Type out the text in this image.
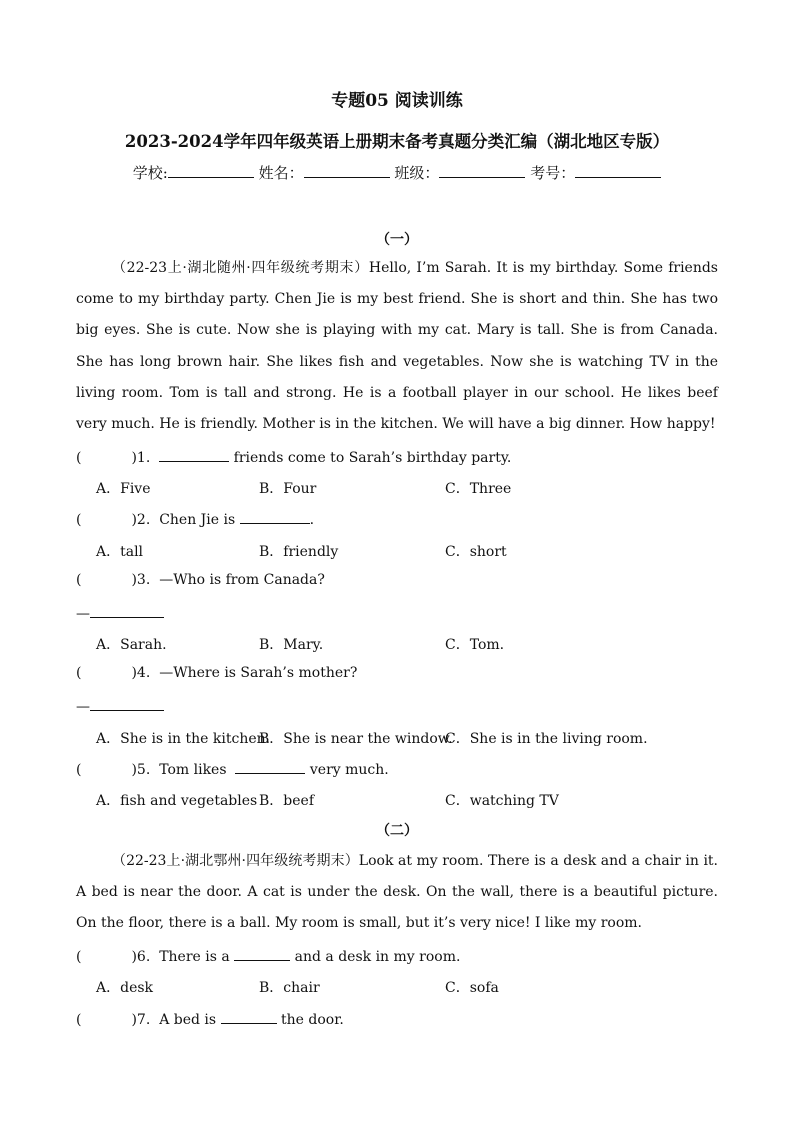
专题05 阅读训练
2023-2024学年四年级英语上册期末备考真题分类汇编（湖北地区专版）
学校:	姓名：	班级：	考号：
（一）
（22-23上·湖北随州·四年级统考期末）Hello, I’m Sarah. It is my birthday. Some friends come to my birthday party. Chen Jie is my best friend. She is short and thin. She has two big eyes. She is cute. Now she is playing with my cat. Mary is tall. She is from Canada. She has long brown hair. She likes fish and vegetables. Now she is watching TV in the living room. Tom is tall and strong. He is a football player in our school. He likes beef very much. He is friendly. Mother is in the kitchen. We will have a big dinner. How happy!
(	)1.	friends come to Sarah’s birthday party.
A．Five	B．Four	C．Three
(	)2. Chen Jie is	.
A．tall	B．friendly	C．short
(	)3. —Who is from Canada?
—
A．Sarah.	B．Mary.	C．Tom.
(	)4. —Where is Sarah’s mother?
—
A．She is in the kitchen.
B．She is near the window.
C．She is in the living room.
(	)5. Tom likes	very much.
A．fish and vegetables B．beef	C．watching TV
（二）
（22-23上·湖北鄂州·四年级统考期末）Look at my room. There is a desk and a chair in it. A bed is near the door. A cat is under the desk. On the wall, there is a beautiful picture. On the floor, there is a ball. My room is small, but it’s very nice! I like my room.
(	)6. There is a	and a desk in my room.
A．desk	B．chair	C．sofa
(	)7. A bed is	the door.
